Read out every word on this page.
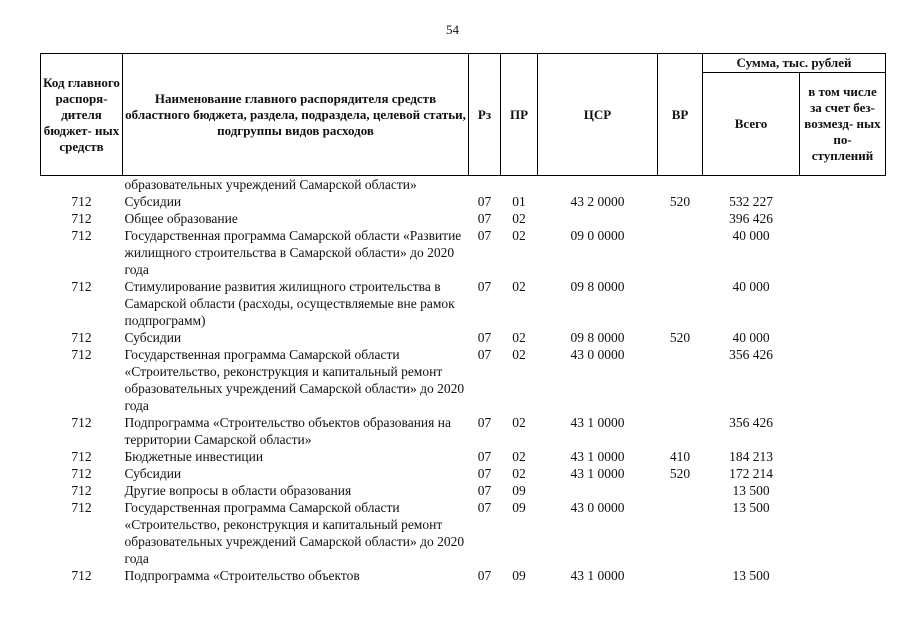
54
Код главного распоря- дителя бюджет- ных средств	Наименование главного распорядителя средств областного бюджета, раздела, подраздела, целевой статьи, подгруппы видов расходов	Рз	ПР	ЦСР	ВР	Сумма, тыс. рублей	
						Всего	в том числе за счет без- возмезд- ных по- ступлений
	образовательных учреждений Самарской области»						
712	Субсидии	07	01	43 2 0000	520	532 227	
712	Общее образование	07	02			396 426	
712	Государственная программа Самарской области «Развитие жилищного строительства в Самарской области» до 2020 года	07	02	09 0 0000		40 000	
712	Стимулирование развития жилищного строительства в Самарской области (расходы, осуществляемые вне рамок подпрограмм)	07	02	09 8 0000		40 000	
712	Субсидии	07	02	09 8 0000	520	40 000	
712	Государственная программа Самарской области «Строительство, реконструкция и капитальный ремонт образовательных учреждений Самарской области» до 2020 года	07	02	43 0 0000		356 426	
712	Подпрограмма «Строительство объектов образования на территории Самарской области»	07	02	43 1 0000		356 426	
712	Бюджетные инвестиции	07	02	43 1 0000	410	184 213	
712	Субсидии	07	02	43 1 0000	520	172 214	
712	Другие вопросы в области образования	07	09			13 500	
712	Государственная программа Самарской области «Строительство, реконструкция и капитальный ремонт образовательных учреждений Самарской области» до 2020 года	07	09	43 0 0000		13 500	
712	Подпрограмма «Строительство объектов	07	09	43 1 0000		13 500	
